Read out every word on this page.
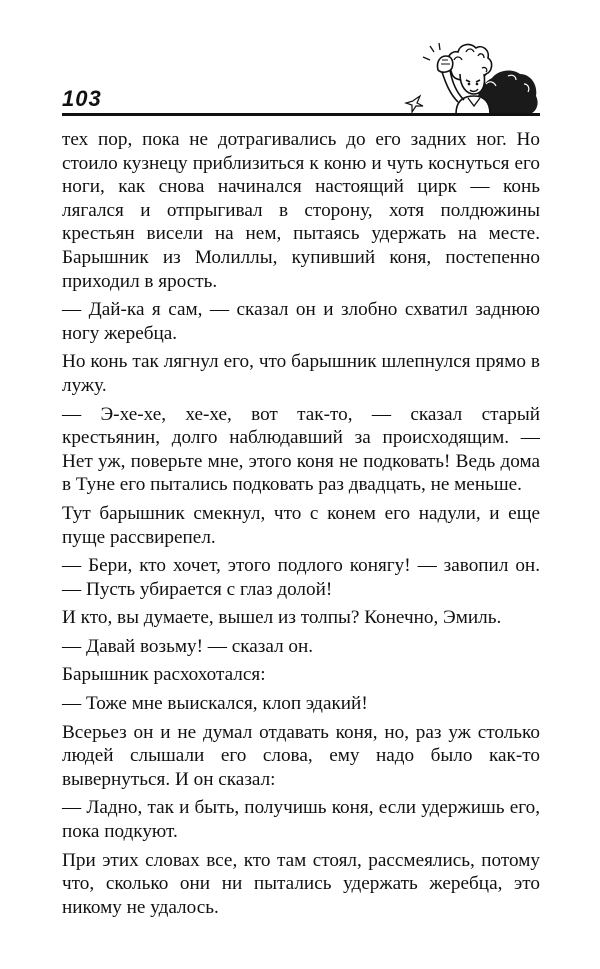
103

тех пор, пока не дотрагивались до его задних ног. Но стоило кузнецу приблизиться к коню и чуть коснуться его ноги, как снова начинался настоящий цирк — конь лягался и отпрыгивал в сторону, хотя полдюжины крестьян висели на нем, пытаясь удержать на месте. Барышник из Молиллы, купивший коня, постепенно приходил в ярость.

— Дай-ка я сам, — сказал он и злобно схватил заднюю ногу жеребца.

Но конь так лягнул его, что барышник шлепнулся прямо в лужу.

— Э-хе-хе, хе-хе, вот так-то, — сказал старый крестьянин, долго наблюдавший за происходящим. — Нет уж, поверьте мне, этого коня не подковать! Ведь дома в Туне его пытались подковать раз двадцать, не меньше.

Тут барышник смекнул, что с конем его надули, и еще пуще рассвирепел.

— Бери, кто хочет, этого подлого конягу! — завопил он. — Пусть убирается с глаз долой!

И кто, вы думаете, вышел из толпы? Конечно, Эмиль.

— Давай возьму! — сказал он.

Барышник расхохотался:

— Тоже мне выискался, клоп эдакий!

Всерьез он и не думал отдавать коня, но, раз уж столько людей слышали его слова, ему надо было как-то вывернуться. И он сказал:

— Ладно, так и быть, получишь коня, если удержишь его, пока подкуют.

При этих словах все, кто там стоял, рассмеялись, потому что, сколько они ни пытались удержать жеребца, это никому не удалось.
